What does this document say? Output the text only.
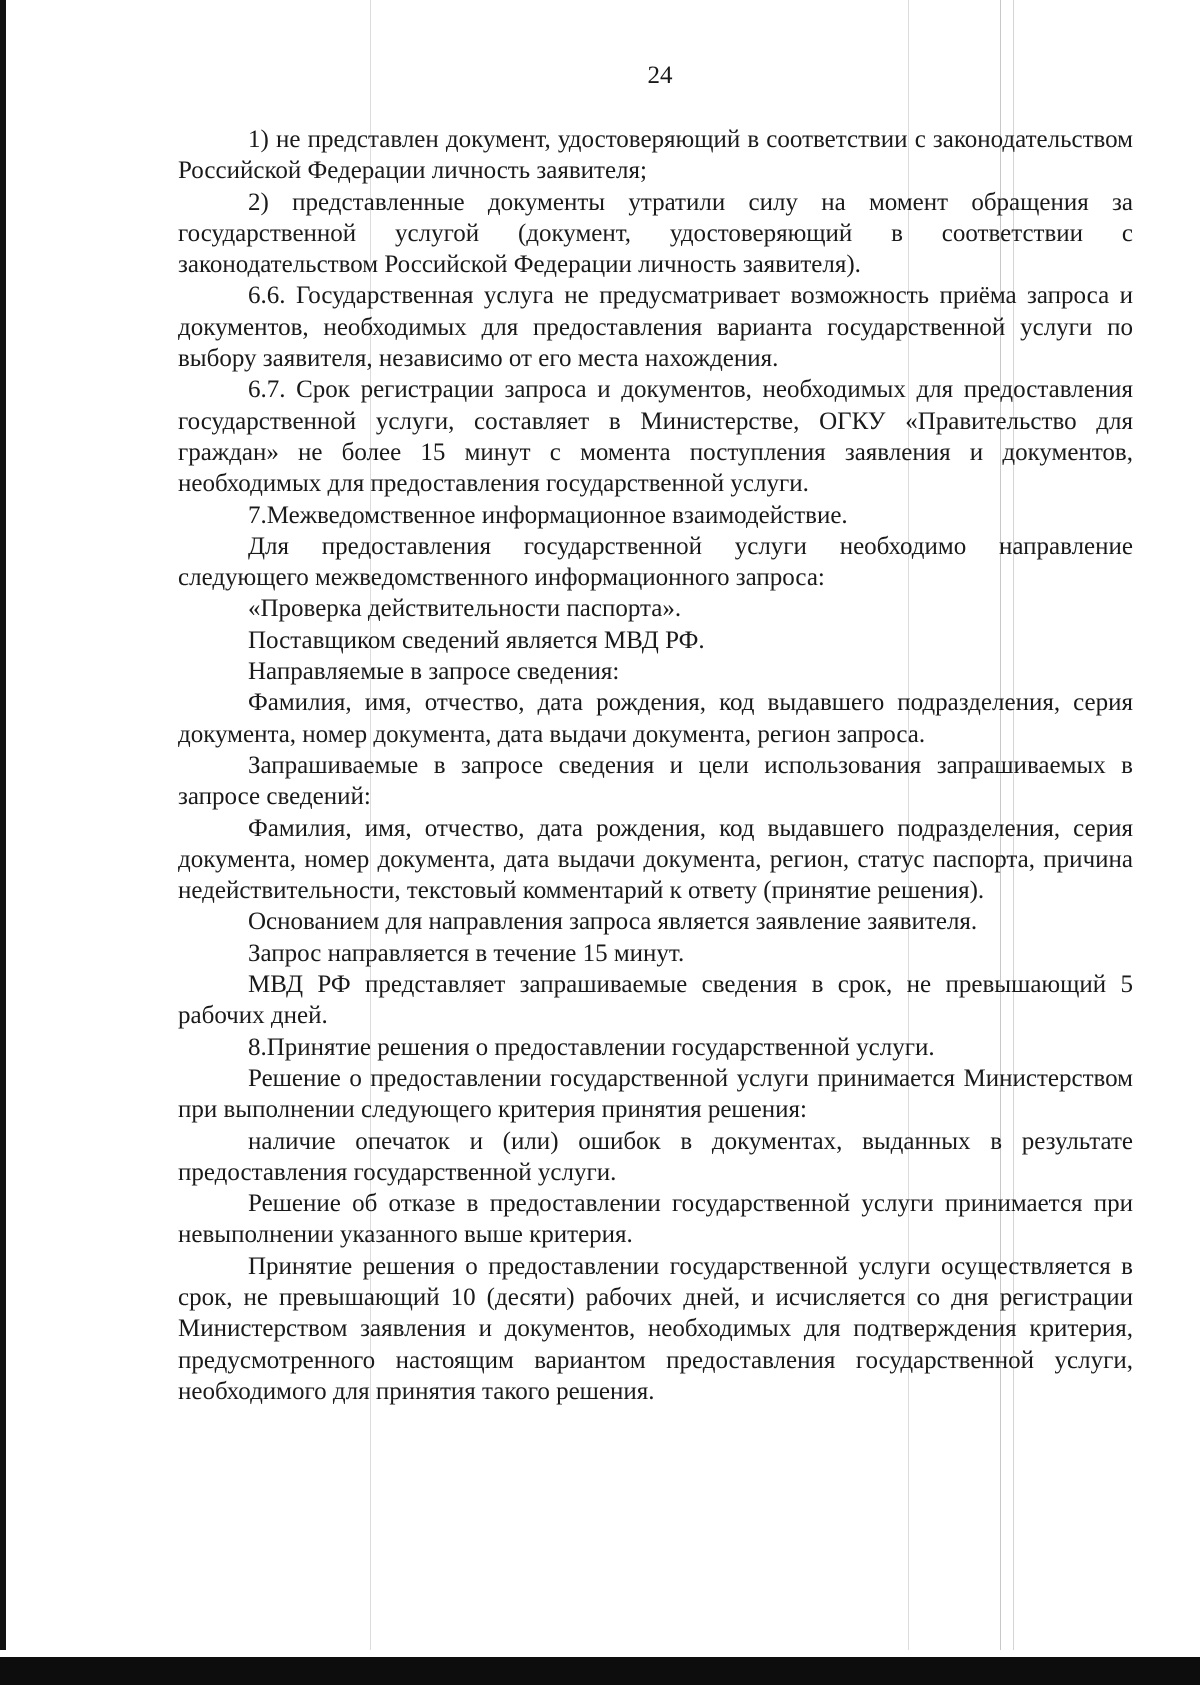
24

1) не представлен документ, удостоверяющий в соответствии с законодательством Российской Федерации личность заявителя;

2) представленные документы утратили силу на момент обращения за государственной услугой (документ, удостоверяющий в соответствии с законодательством Российской Федерации личность заявителя).

6.6. Государственная услуга не предусматривает возможность приёма запроса и документов, необходимых для предоставления варианта государственной услуги по выбору заявителя, независимо от его места нахождения.

6.7. Срок регистрации запроса и документов, необходимых для предоставления государственной услуги, составляет в Министерстве, ОГКУ «Правительство для граждан» не более 15 минут с момента поступления заявления и документов, необходимых для предоставления государственной услуги.

7.Межведомственное информационное взаимодействие.

Для предоставления государственной услуги необходимо направление следующего межведомственного информационного запроса:

«Проверка действительности паспорта».

Поставщиком сведений является МВД РФ.

Направляемые в запросе сведения:

Фамилия, имя, отчество, дата рождения, код выдавшего подразделения, серия документа, номер документа, дата выдачи документа, регион запроса.

Запрашиваемые в запросе сведения и цели использования запрашиваемых в запросе сведений:

Фамилия, имя, отчество, дата рождения, код выдавшего подразделения, серия документа, номер документа, дата выдачи документа, регион, статус паспорта, причина недействительности, текстовый комментарий к ответу (принятие решения).

Основанием для направления запроса является заявление заявителя.

Запрос направляется в течение 15 минут.

МВД РФ представляет запрашиваемые сведения в срок, не превышающий 5 рабочих дней.

8.Принятие решения о предоставлении государственной услуги.

Решение о предоставлении государственной услуги принимается Министерством при выполнении следующего критерия принятия решения:

наличие опечаток и (или) ошибок в документах, выданных в результате предоставления государственной услуги.

Решение об отказе в предоставлении государственной услуги принимается при невыполнении указанного выше критерия.

Принятие решения о предоставлении государственной услуги осуществляется в срок, не превышающий 10 (десяти) рабочих дней, и исчисляется со дня регистрации Министерством заявления и документов, необходимых для подтверждения критерия, предусмотренного настоящим вариантом предоставления государственной услуги, необходимого для принятия такого решения.
